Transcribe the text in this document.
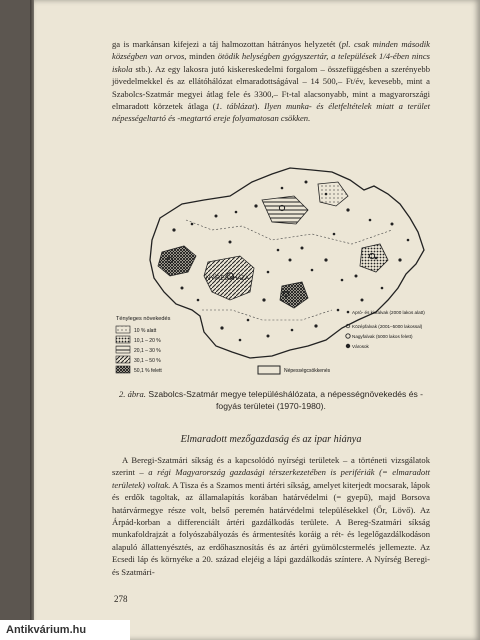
ga is markánsan kifejezi a táj halmozottan hátrányos helyzetét (pl. csak minden második községben van orvos, minden ötödik helységben gyógyszertár, a települések 1/4-ében nincs iskola stb.). Az egy lakosra jutó kiskereskedelmi forgalom – összefüggésben a szerényebb jövedelmekkel és az ellátóhálózat elmaradottságával – 14 500,– Ft/év, kevesebb, mint a Szabolcs-Szatmár megyei átlag fele és 3300,– Ft-tal alacsonyabb, mint a magyarországi elmaradott körzetek átlaga (1. táblázat). Ilyen munka- és életfeltételek miatt a terület népességeltartó és -megtartó ereje folyamatosan csökken.

NYÍREGYHÁZA
Tényleges növekedés
10 % alatt
10,1 – 20 %
20,1 – 30 %
30,1 – 50 %
50,1 % felett	Népességcsökkenés
Apró- és kisfalvak (2000 lakos alatt)
Középfalvak (2001–5000 lakossal)
Nagyfalvak (5000 lakos felett)
Városok
2. ábra. Szabolcs-Szatmár megye településhálózata, a népességnövekedés és -fogyás területei (1970-1980).
Elmaradott mezőgazdaság és az ipar hiánya

A Beregi-Szatmári síkság és a kapcsolódó nyírségi területek – a történeti vizsgálatok szerint – a régi Magyarország gazdasági térszerkezetében is perifériák (= elmaradott területek) voltak. A Tisza és a Szamos menti ártéri síkság, amelyet kiterjedt mocsarak, lápok és erdők tagoltak, az államalapítás korában határvédelmi (= gyepű), majd Borsova határvármegye része volt, belső peremén határvédelmi településekkel (Őr, Lövő). Az Árpád-korban a differenciált ártéri gazdálkodás területe. A Bereg-Szatmári síkság munkafoldrajzát a folyószabályozás és ármentesítés koráig a rét- és legelőgazdálkodáson alapuló állattenyésztés, az erdőhasznosítás és az ártéri gyümölcstermelés jellemezte. Az Ecsedi láp és környéke a 20. század elejéig a lápi gazdálkodás színtere. A Nyírség Beregi- és Szatmári-

278
Antikvárium.hu
